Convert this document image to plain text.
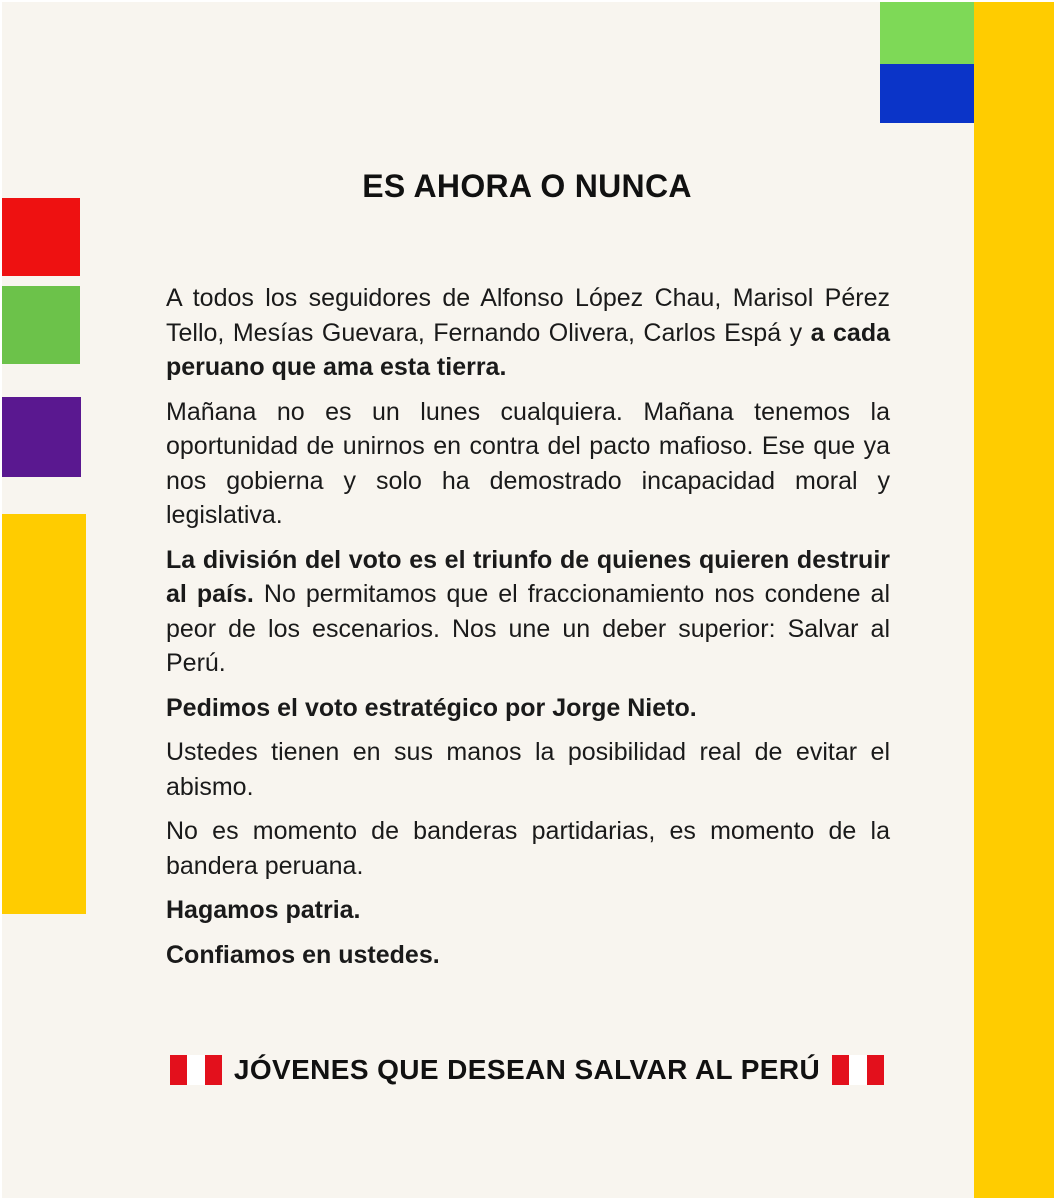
ES AHORA O NUNCA

A todos los seguidores de Alfonso López Chau, Marisol Pérez Tello, Mesías Guevara, Fernando Olivera, Carlos Espá y a cada peruano que ama esta tierra.

Mañana no es un lunes cualquiera. Mañana tenemos la oportunidad de unirnos en contra del pacto mafioso. Ese que ya nos gobierna y solo ha demostrado incapacidad moral y legislativa.

La división del voto es el triunfo de quienes quieren destruir al país. No permitamos que el fraccionamiento nos condene al peor de los escenarios. Nos une un deber superior: Salvar al Perú.

Pedimos el voto estratégico por Jorge Nieto.

Ustedes tienen en sus manos la posibilidad real de evitar el abismo.

No es momento de banderas partidarias, es momento de la bandera peruana.

Hagamos patria.

Confiamos en ustedes.

JÓVENES QUE DESEAN SALVAR AL PERÚ
